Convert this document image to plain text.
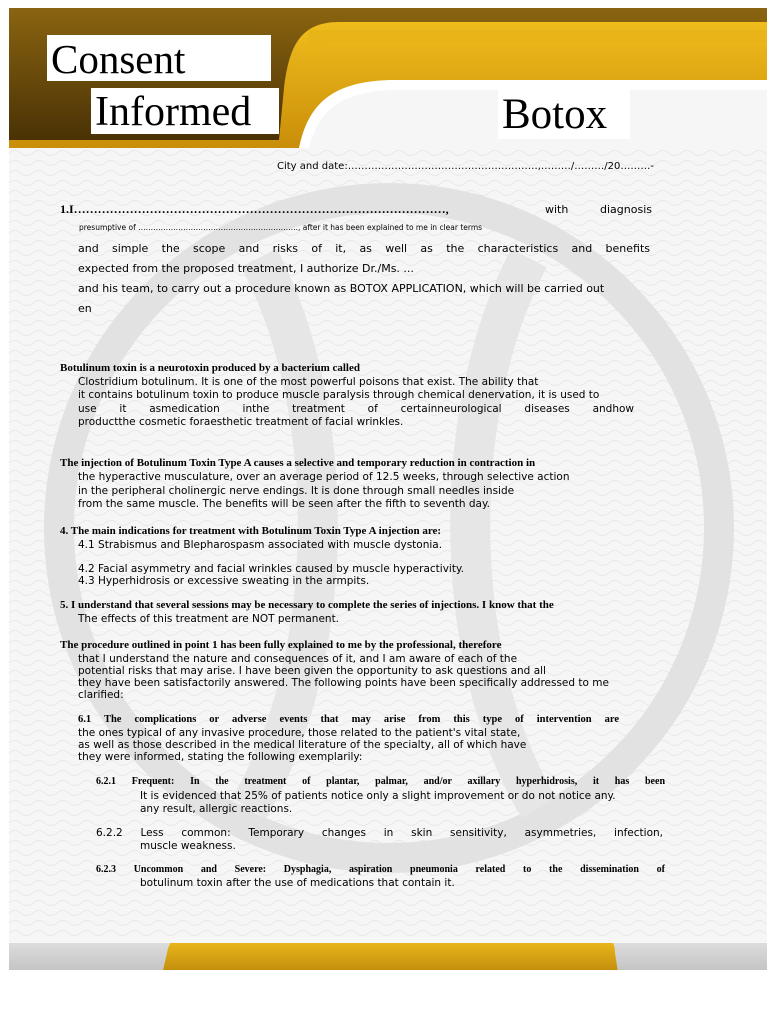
Consent
Informed	Botox
City and date:…………………………………………………,………/………/20………-
1.I…………………………………………………………………………………,	with	diagnosis
presumptive of ………………………………………………………., after it has been explained to me in clear terms
and simple the scope and risks of it, as well as the characteristics and benefits
expected from the proposed treatment, I authorize Dr./Ms. ...
and his team, to carry out a procedure known as BOTOX APPLICATION, which will be carried out
en
Botulinum toxin is a neurotoxin produced by a bacterium called
Clostridium botulinum. It is one of the most powerful poisons that exist. The ability that
it contains botulinum toxin to produce muscle paralysis through chemical denervation, it is used to
use it asmedication inthe treatment of certainneurological diseases andhow
productthe cosmetic foraesthetic treatment of facial wrinkles.
The injection of Botulinum Toxin Type A causes a selective and temporary reduction in contraction in
the hyperactive musculature, over an average period of 12.5 weeks, through selective action
in the peripheral cholinergic nerve endings. It is done through small needles inside
from the same muscle. The benefits will be seen after the fifth to seventh day.
4. The main indications for treatment with Botulinum Toxin Type A injection are:
4.1 Strabismus and Blepharospasm associated with muscle dystonia.
4.2 Facial asymmetry and facial wrinkles caused by muscle hyperactivity.
4.3 Hyperhidrosis or excessive sweating in the armpits.
5. I understand that several sessions may be necessary to complete the series of injections. I know that the
The effects of this treatment are NOT permanent.
The procedure outlined in point 1 has been fully explained to me by the professional, therefore
that I understand the nature and consequences of it, and I am aware of each of the
potential risks that may arise. I have been given the opportunity to ask questions and all
they have been satisfactorily answered. The following points have been specifically addressed to me
clarified:
6.1 The complications or adverse events that may arise from this type of intervention are
the ones typical of any invasive procedure, those related to the patient's vital state,
as well as those described in the medical literature of the specialty, all of which have
they were informed, stating the following exemplarily:
6.2.1 Frequent: In the treatment of plantar, palmar, and/or axillary hyperhidrosis, it has been
It is evidenced that 25% of patients notice only a slight improvement or do not notice any.
any result, allergic reactions.
6.2.2 Less common: Temporary changes in skin sensitivity, asymmetries, infection,
muscle weakness.
6.2.3 Uncommon and Severe: Dysphagia, aspiration pneumonia related to the dissemination of
botulinum toxin after the use of medications that contain it.
